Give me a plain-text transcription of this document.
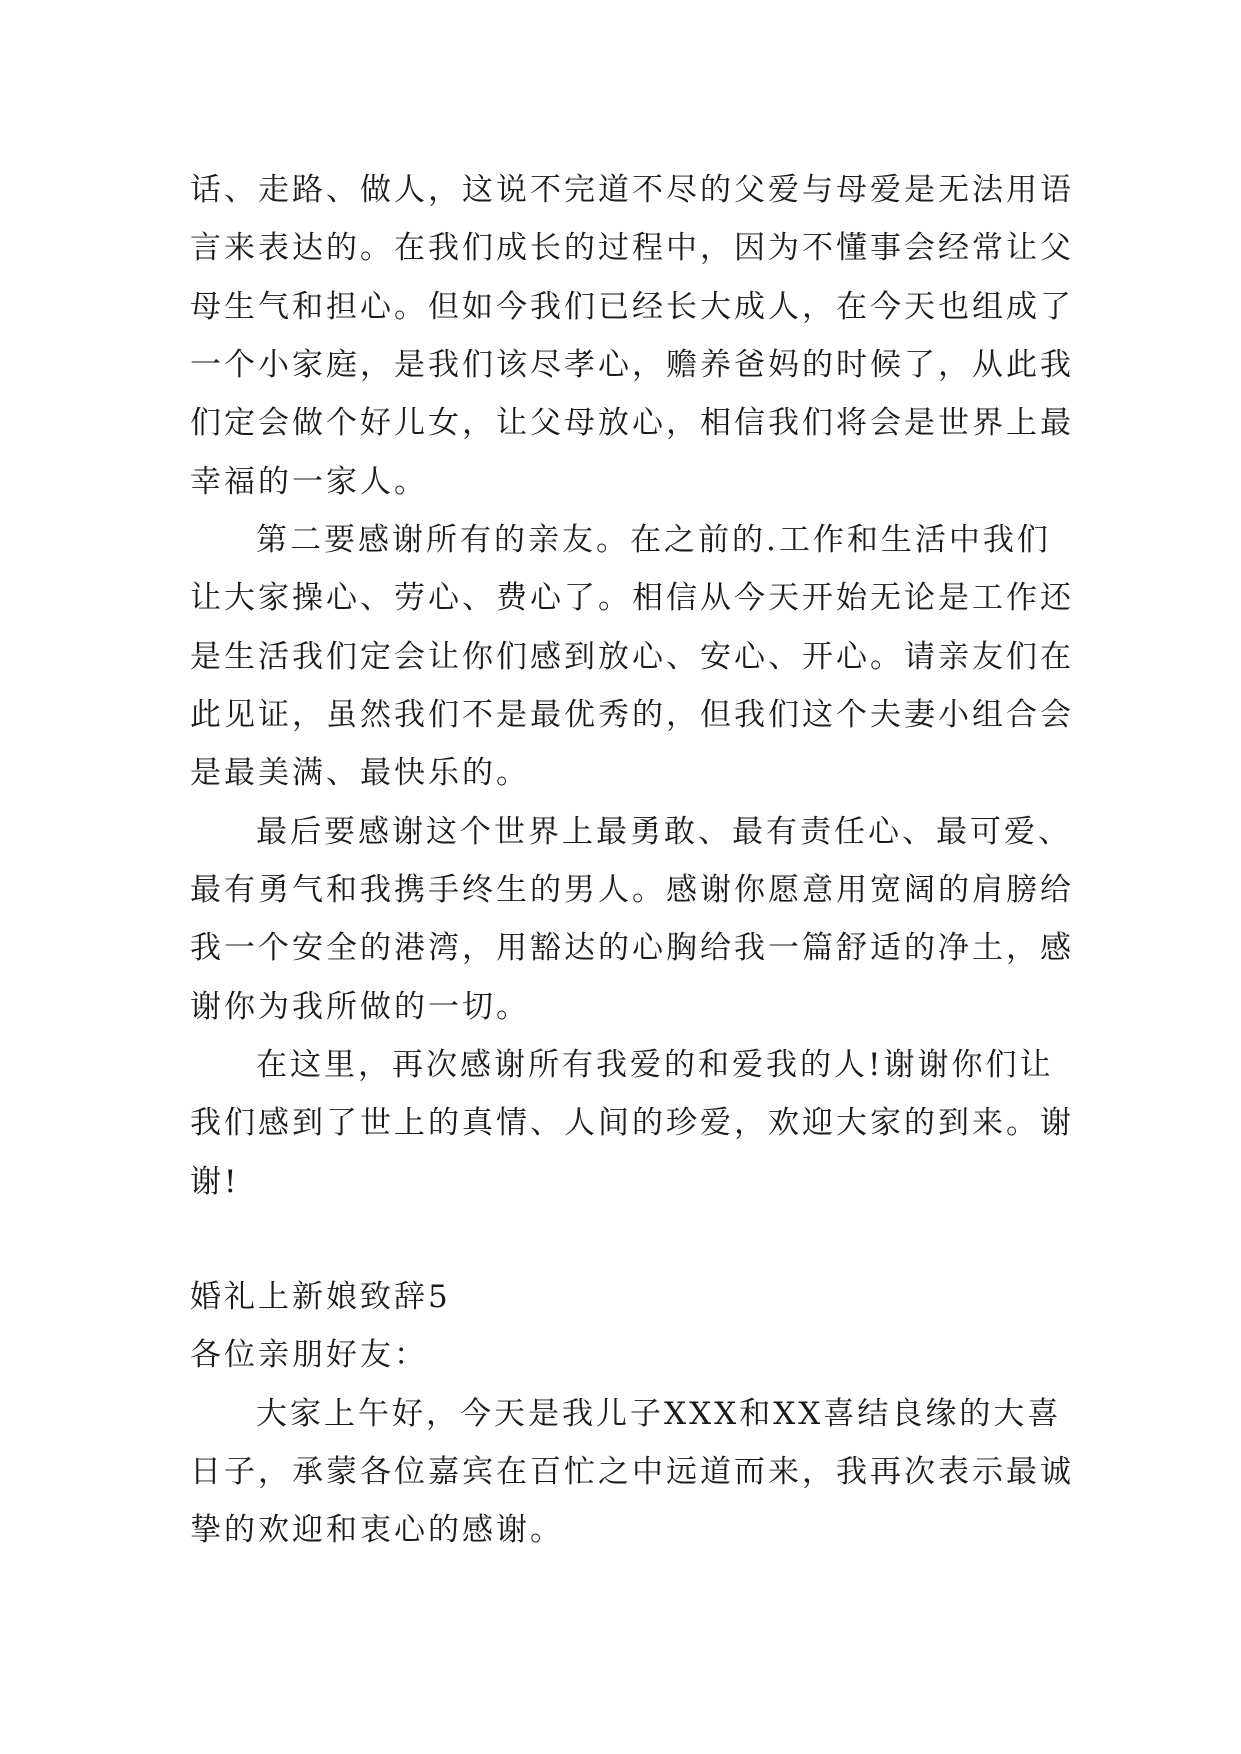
话、走路、做人，这说不完道不尽的父爱与母爱是无法用语
言来表达的。在我们成长的过程中，因为不懂事会经常让父
母生气和担心。但如今我们已经长大成人，在今天也组成了
一个小家庭，是我们该尽孝心，赡养爸妈的时候了，从此我
们定会做个好儿女，让父母放心，相信我们将会是世界上最
幸福的一家人。
第二要感谢所有的亲友。在之前的.工作和生活中我们
让大家操心、劳心、费心了。相信从今天开始无论是工作还
是生活我们定会让你们感到放心、安心、开心。请亲友们在
此见证，虽然我们不是最优秀的，但我们这个夫妻小组合会
是最美满、最快乐的。
最后要感谢这个世界上最勇敢、最有责任心、最可爱、
最有勇气和我携手终生的男人。感谢你愿意用宽阔的肩膀给
我一个安全的港湾，用豁达的心胸给我一篇舒适的净土，感
谢你为我所做的一切。
在这里，再次感谢所有我爱的和爱我的人!谢谢你们让
我们感到了世上的真情、人间的珍爱，欢迎大家的到来。谢
谢!
婚礼上新娘致辞5
各位亲朋好友：
大家上午好，今天是我儿子XXX和XX喜结良缘的大喜
日子，承蒙各位嘉宾在百忙之中远道而来，我再次表示最诚
挚的欢迎和衷心的感谢。
